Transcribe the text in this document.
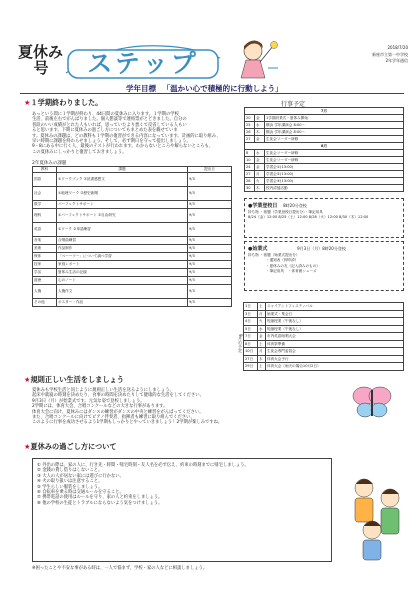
夏休み
号	ステップ
2018/7/20
新座市立第一中学校
2年学年通信
学年目標 「温かい心で積極的に行動しよう」
★１学期終わりました。
あっという間に１学期が終わり、44日間の夏休みに入ります。１学期の学校
生活、前後左右でがんばりました。個人懇談等で連絡票がとどきました。自分の
普段のいい成績がとれた人もいれば、思っていたより悪くて反省している人もい
ると思います。下期に夏休みの過ごし方についてもまとめた表を載せていま
す。夏休みの課題は、どの教科も１学期の復習ができる内容になっています。計画的に取り組み、
早い時期に課題を終わらせましょう。そして、必ず期日を守って提出しましょう。
9・8にある中に行く人、最後のテストが行われます。わからないところや解らないところも、
この夏休みにしっかりと復習しておきましょう。
2年夏休みの課題
教科	課題	提出日
国語	①ワークブック ②読書感想文	9/3
社会	①地理ワーク ②歴史新聞	9/3
数学	パーフェクトサポート	9/3
理科	①パーフェクトサポート ②自由研究	9/3
英語	①ワーク ②単語練習	9/3
音楽	合唱曲練習	9/3
美術	作品制作	9/3
保体	「ベーーツー」について調べ学習	9/3
技家	家庭レポート	9/3
学活	夏休み生活の記録	9/3
道徳	心のノート	9/3
人権	人権作文	9/3
その他	ポスター・作品	9/3
行事予定
7月		
20	金	1学期終業式・夏休み開始
25	水	横浜 学年講演会 8:00〜
26	木	横浜 学年講演会 8:00〜
27	金	生徒会リーダー研修
8月		
8	水	生徒会リーダー研修
10	金	生徒会リーダー研修
24	金	学習会①(13:00)
27	月	学習会②(13:00)
28	火	学習会③(13:00)
30	木	校内清掃活動
●学業登校日 8時20分登校
持ち物 ・宿題（学業登校日提出分）・筆記用具
8/24（金）12:00 8/25（土）12:00 8/28（火）12:00 8/30（木）12:00
●始業式	9月3日（月）8時20分登校
持ち物 ・宿題（始業式提出分）
・通知表（押印済）
・夏休みの友（記入済みのもの）
・筆記用具 ・体育館シューズ
9月の予定
1日	土	ジャイアントフェスティバル
3日	月	始業式・集会日
4日	火	短縮授業（午後なし）
5日	水	短縮授業（午後なし）
7日	金	市内英語暗唱大会
8日	土	体育祭準備
10日	月	生徒会専門委員会
27日	木	体育大会予行
29日	土	体育大会（雨天の場合10月2日）
★規則正しい生活をしましょう
夏休みも学校生活と同じように規則正しい生活を送るようにしましょう。
起床や就寝の時刻を決めたり、食事の時間を決めたりして健康的な生活をしてください。
9月3日（月）が始業式です。元気な姿で登校しましょう。
2学期には、体育大会、合唱コンクールなどの大きな行事があります。
体育大会に向け、夏休みにはダンスの練習がダンスの中央と練習をがんばってください。
また、合唱コンクールに向けてピアノ伴奏者、指揮者も練習に取り組んでください。
このように行事を成功させるよう1学期もしっかりとやっていきましょう！2学期が楽しみですね。
★夏休みの過ごし方について
① 外出の際は、家の人に、行き先・時間・帰宅時刻・友人名を必ず伝え、約束の時刻までに帰宅しましょう。
② 金銭の貸し借りはしないこと。
③ 大人の人が居ない家には遊びに行かない。
④ 火の取り扱いは注意すること。
⑤ 学生らしい服装をしましょう。
⑥ 自転車を乗る時は交通ルールを守ること。
⑦ 携帯電話の使用はルールを守り、家の人と約束をしましょう。
⑧ 他の学校の生徒とトラブルにならないよう気をつけましょう。
※困ったことや不安な事がある時は、一人で悩まず、学校・家の人などに相談しましょう。
